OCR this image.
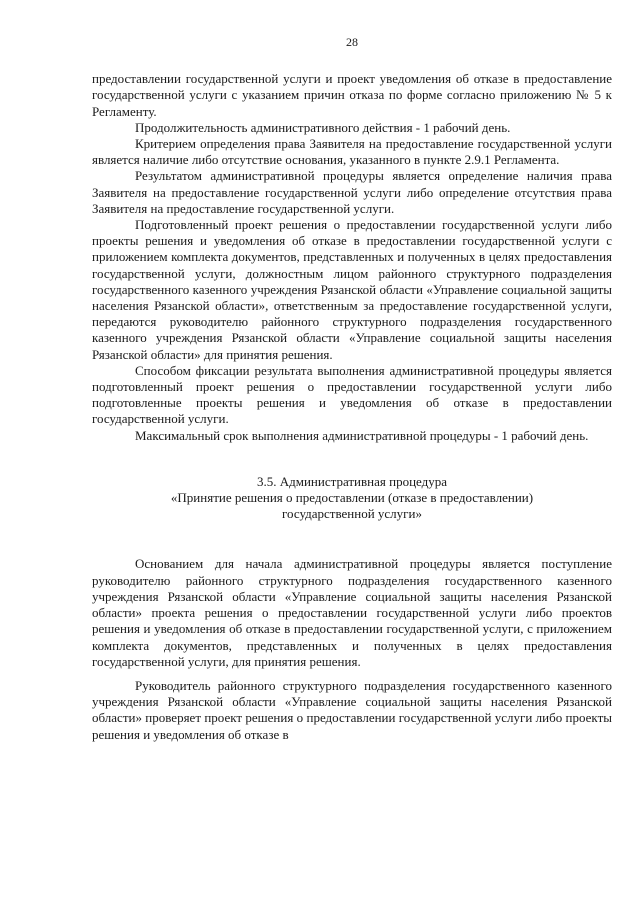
28

предоставлении государственной услуги и проект уведомления об отказе в предоставление государственной услуги с указанием причин отказа по форме согласно приложению № 5 к Регламенту.

Продолжительность административного действия - 1 рабочий день.

Критерием определения права Заявителя на предоставление государственной услуги является наличие либо отсутствие основания, указанного в пункте 2.9.1 Регламента.

Результатом административной процедуры является определение наличия права Заявителя на предоставление государственной услуги либо определение отсутствия права Заявителя на предоставление государственной услуги.

Подготовленный проект решения о предоставлении государственной услуги либо проекты решения и уведомления об отказе в предоставлении государственной услуги с приложением комплекта документов, представленных и полученных в целях предоставления государственной услуги, должностным лицом районного структурного подразделения государственного казенного учреждения Рязанской области «Управление социальной защиты населения Рязанской области», ответственным за предоставление государственной услуги, передаются руководителю районного структурного подразделения государственного казенного учреждения Рязанской области «Управление социальной защиты населения Рязанской области» для принятия решения.

Способом фиксации результата выполнения административной процедуры является подготовленный проект решения о предоставлении государственной услуги либо подготовленные проекты решения и уведомления об отказе в предоставлении государственной услуги.

Максимальный срок выполнения административной процедуры - 1 рабочий день.

3.5. Административная процедура

«Принятие решения о предоставлении (отказе в предоставлении)

государственной услуги»

Основанием для начала административной процедуры является поступление руководителю районного структурного подразделения государственного казенного учреждения Рязанской области «Управление социальной защиты населения Рязанской области» проекта решения о предоставлении государственной услуги либо проектов решения и уведомления об отказе в предоставлении государственной услуги, с приложением комплекта документов, представленных и полученных в целях предоставления государственной услуги, для принятия решения.

Руководитель районного структурного подразделения государственного казенного учреждения Рязанской области «Управление социальной защиты населения Рязанской области» проверяет проект решения о предоставлении государственной услуги либо проекты решения и уведомления об отказе в
